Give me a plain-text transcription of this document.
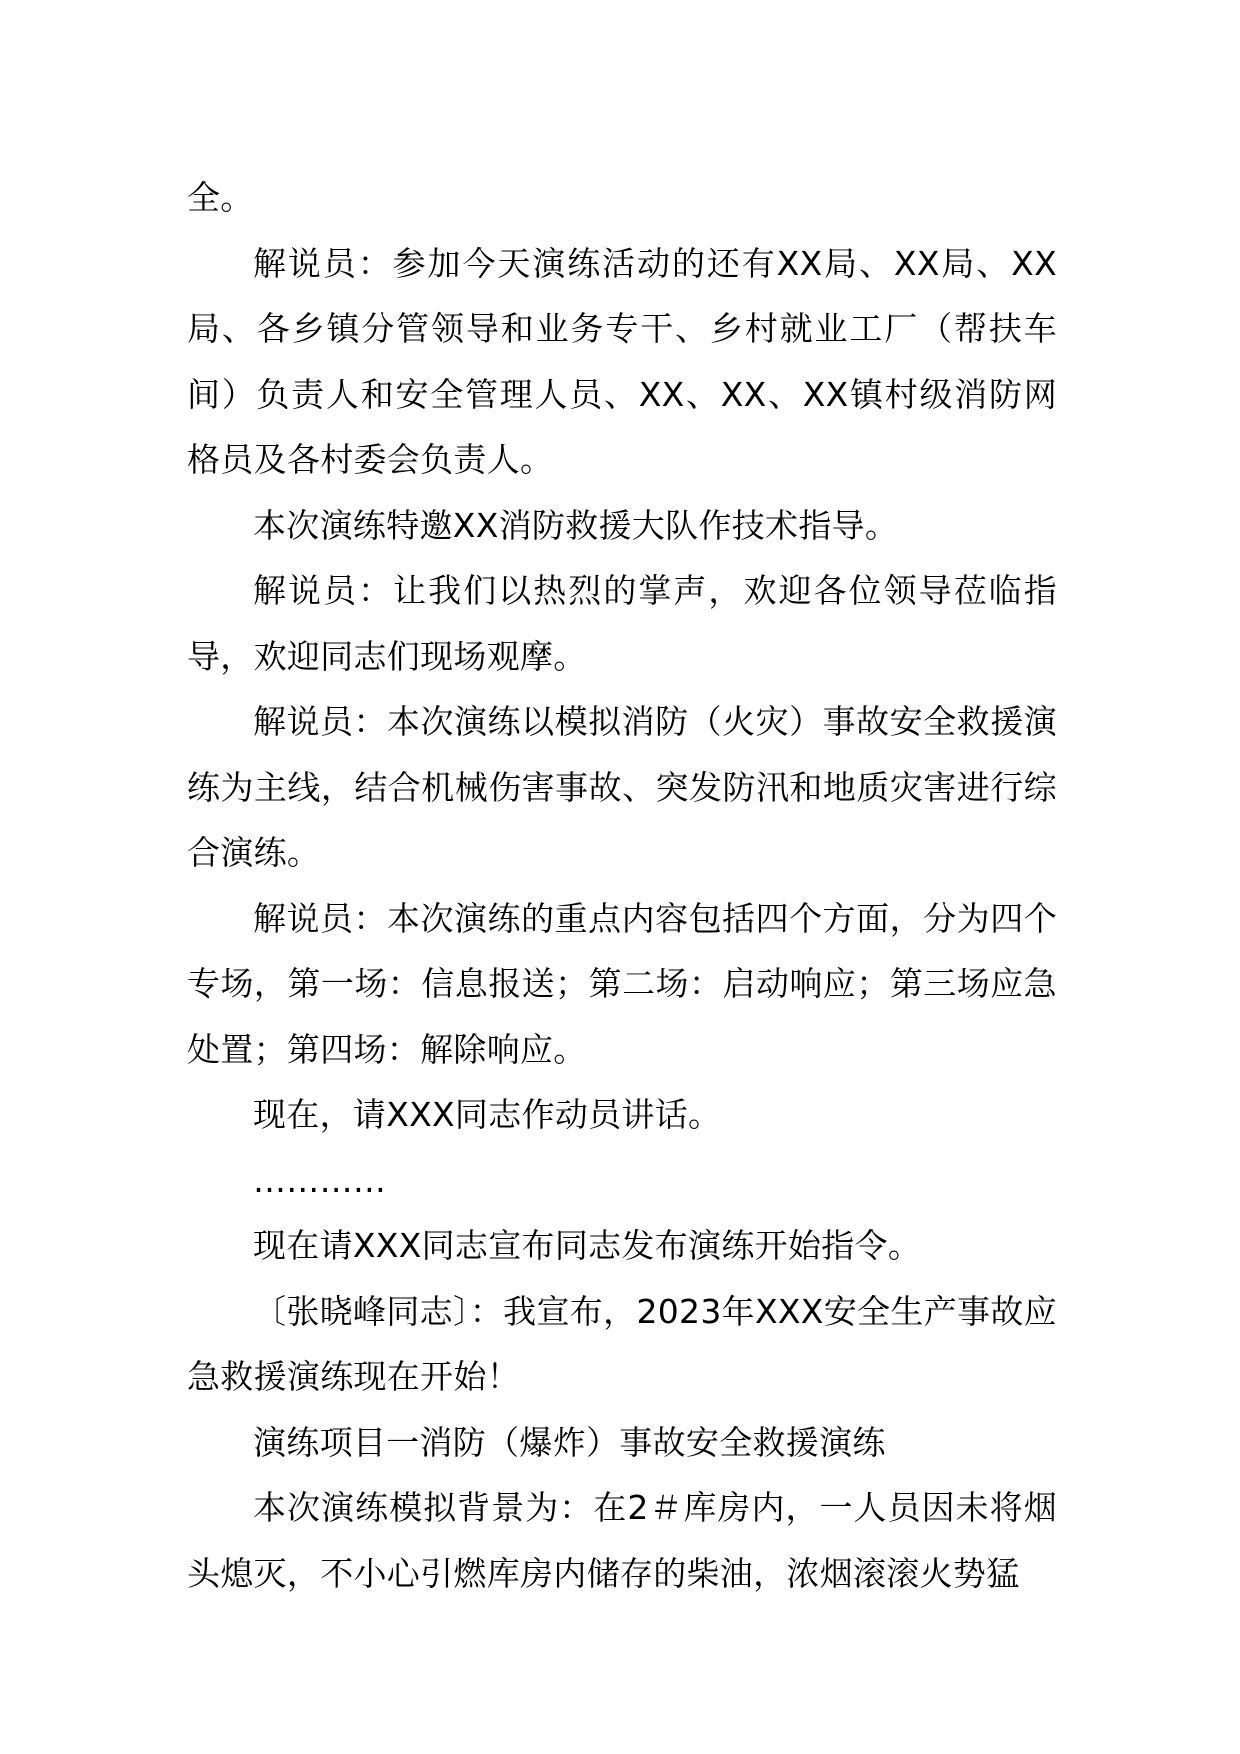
全。

解说员：参加今天演练活动的还有XX局、XX局、XX局、各乡镇分管领导和业务专干、乡村就业工厂（帮扶车间）负责人和安全管理人员、XX、XX、XX镇村级消防网格员及各村委会负责人。

本次演练特邀XX消防救援大队作技术指导。

解说员：让我们以热烈的掌声，欢迎各位领导莅临指导，欢迎同志们现场观摩。

解说员：本次演练以模拟消防（火灾）事故安全救援演练为主线，结合机械伤害事故、突发防汛和地质灾害进行综合演练。

解说员：本次演练的重点内容包括四个方面，分为四个专场，第一场：信息报送；第二场：启动响应；第三场应急处置；第四场：解除响应。

现在，请XXX同志作动员讲话。

…………

现在请XXX同志宣布同志发布演练开始指令。

〔张晓峰同志〕：我宣布，2023年XXX安全生产事故应急救援演练现在开始！

演练项目一消防（爆炸）事故安全救援演练

本次演练模拟背景为：在2＃库房内，一人员因未将烟头熄灭，不小心引燃库房内储存的柴油，浓烟滚滚火势猛
